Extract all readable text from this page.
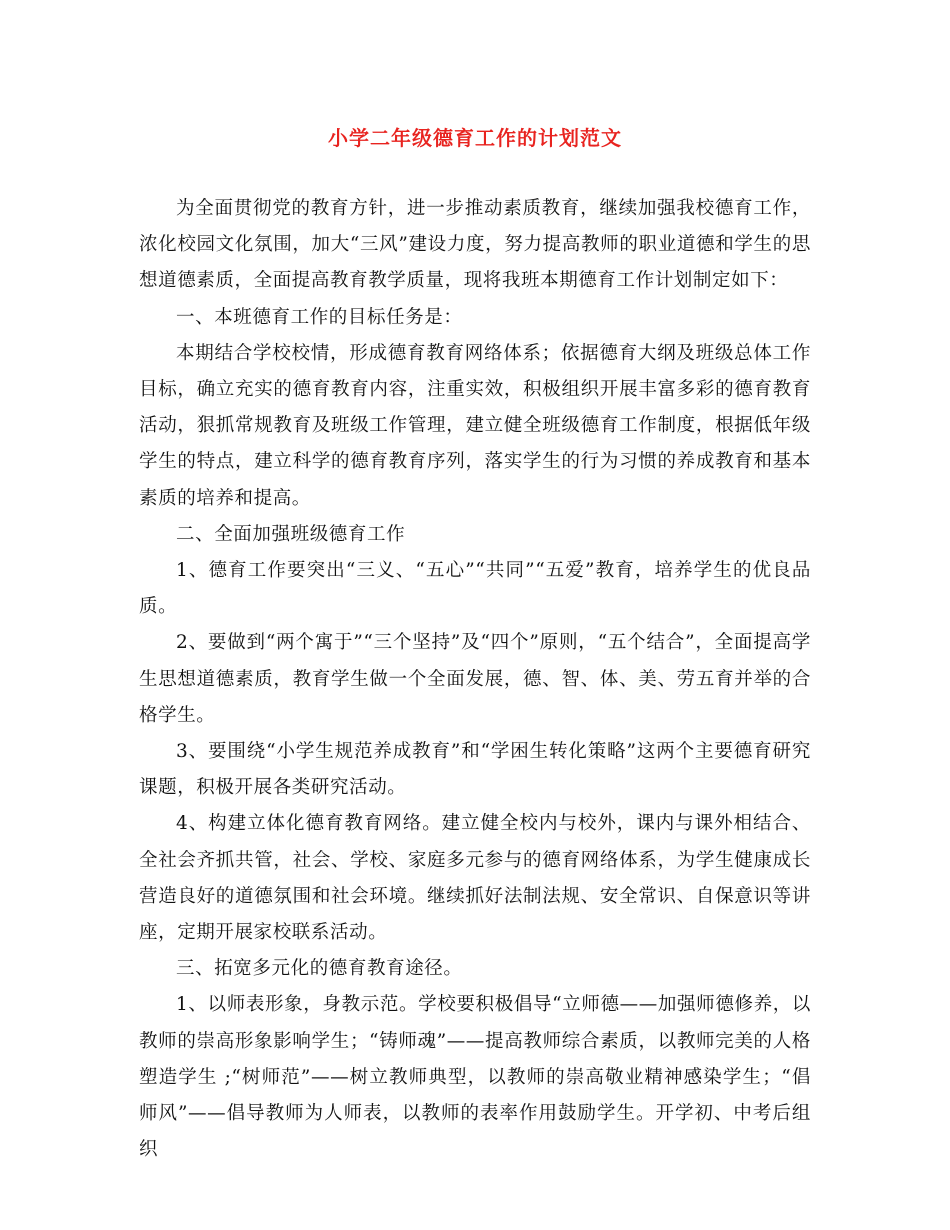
小学二年级德育工作的计划范文

为全面贯彻党的教育方针，进一步推动素质教育，继续加强我校德育工作，浓化校园文化氛围，加大“三风”建设力度，努力提高教师的职业道德和学生的思想道德素质，全面提高教育教学质量，现将我班本期德育工作计划制定如下：

一、本班德育工作的目标任务是：

本期结合学校校情，形成德育教育网络体系；依据德育大纲及班级总体工作目标，确立充实的德育教育内容，注重实效，积极组织开展丰富多彩的德育教育活动，狠抓常规教育及班级工作管理，建立健全班级德育工作制度，根据低年级学生的特点，建立科学的德育教育序列，落实学生的行为习惯的养成教育和基本素质的培养和提高。

二、全面加强班级德育工作

1、德育工作要突出“三义、“五心”“共同”“五爱”教育，培养学生的优良品质。

2、要做到“两个寓于”“三个坚持”及“四个”原则，“五个结合”，全面提高学生思想道德素质，教育学生做一个全面发展，德、智、体、美、劳五育并举的合格学生。

3、要围绕“小学生规范养成教育”和“学困生转化策略”这两个主要德育研究课题，积极开展各类研究活动。

4、构建立体化德育教育网络。建立健全校内与校外，课内与课外相结合、全社会齐抓共管，社会、学校、家庭多元参与的德育网络体系，为学生健康成长营造良好的道德氛围和社会环境。继续抓好法制法规、安全常识、自保意识等讲座，定期开展家校联系活动。

三、拓宽多元化的德育教育途径。

1、以师表形象，身教示范。学校要积极倡导“立师德——加强师德修养，以教师的崇高形象影响学生；“铸师魂”——提高教师综合素质，以教师完美的人格塑造学生 ;“树师范”——树立教师典型，以教师的崇高敬业精神感染学生；“倡师风”——倡导教师为人师表，以教师的表率作用鼓励学生。开学初、中考后组织
